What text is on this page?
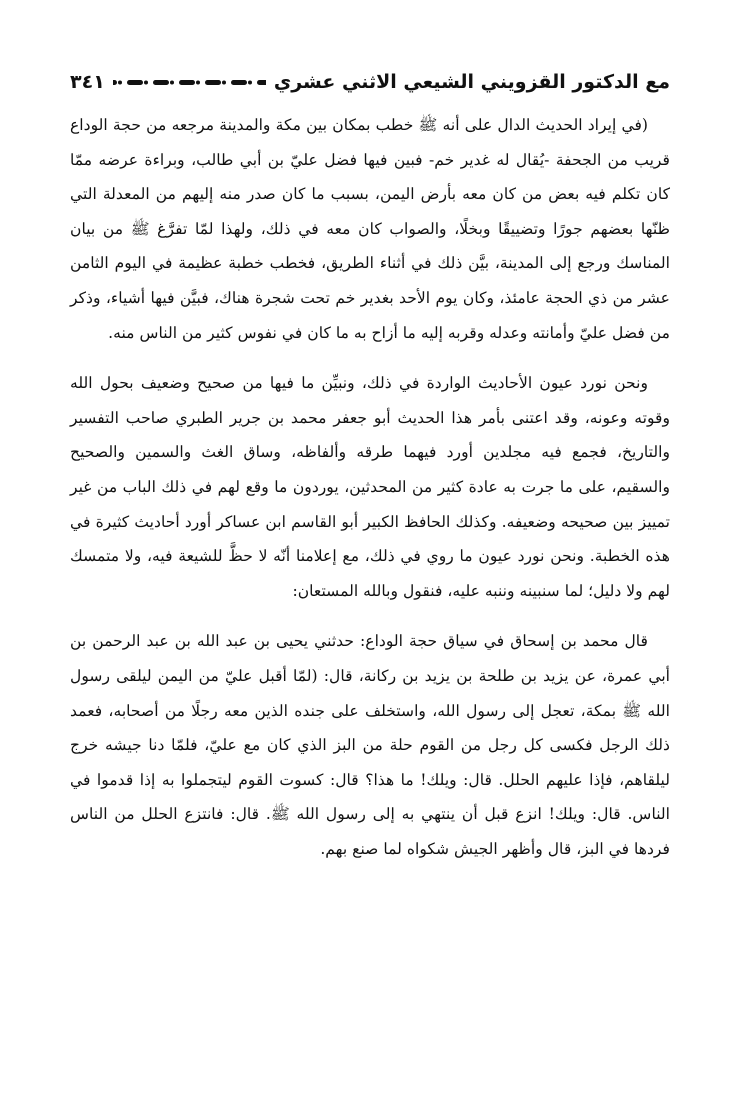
مع الدكتور القزويني الشيعي الاثني عشري
٣٤١

(في إيراد الحديث الدال على أنه ﷺ خطب بمكان بين مكة والمدينة مرجعه من حجة الوداع قريب من الجحفة -يُقال له غدير خم- فبين فيها فضل عليّ بن أبي طالب، وبراءة عرضه ممّا كان تكلم فيه بعض من كان معه بأرض اليمن، بسبب ما كان صدر منه إليهم من المعدلة التي ظنّها بعضهم جورًا وتضييقًا وبخلًا، والصواب كان معه في ذلك، ولهذا لمّا تفرَّغ ﷺ من بيان المناسك ورجع إلى المدينة، بيَّن ذلك في أثناء الطريق، فخطب خطبة عظيمة في اليوم الثامن عشر من ذي الحجة عامئذ، وكان يوم الأحد بغدير خم تحت شجرة هناك، فبيَّن فيها أشياء، وذكر من فضل عليّ وأمانته وعدله وقربه إليه ما أزاح به ما كان في نفوس كثير من الناس منه.

ونحن نورد عيون الأحاديث الواردة في ذلك، ونبيِّن ما فيها من صحيح وضعيف بحول الله وقوته وعونه، وقد اعتنى بأمر هذا الحديث أبو جعفر محمد بن جرير الطبري صاحب التفسير والتاريخ، فجمع فيه مجلدين أورد فيهما طرقه وألفاظه، وساق الغث والسمين والصحيح والسقيم، على ما جرت به عادة كثير من المحدثين، يوردون ما وقع لهم في ذلك الباب من غير تمييز بين صحيحه وضعيفه. وكذلك الحافظ الكبير أبو القاسم ابن عساكر أورد أحاديث كثيرة في هذه الخطبة. ونحن نورد عيون ما روي في ذلك، مع إعلامنا أنّه لا حظَّ للشيعة فيه، ولا متمسك لهم ولا دليل؛ لما سنبينه وننبه عليه، فنقول وبالله المستعان:

قال محمد بن إسحاق في سياق حجة الوداع: حدثني يحيى بن عبد الله بن عبد الرحمن بن أبي عمرة، عن يزيد بن طلحة بن يزيد بن ركانة، قال: (لمّا أقبل عليّ من اليمن ليلقى رسول الله ﷺ بمكة، تعجل إلى رسول الله، واستخلف على جنده الذين معه رجلًا من أصحابه، فعمد ذلك الرجل فكسى كل رجل من القوم حلة من البز الذي كان مع عليّ، فلمّا دنا جيشه خرج ليلقاهم، فإذا عليهم الحلل. قال: ويلك! ما هذا؟ قال: كسوت القوم ليتجملوا به إذا قدموا في الناس. قال: ويلك! انزع قبل أن ينتهي به إلى رسول الله ﷺ. قال: فانتزع الحلل من الناس فردها في البز، قال وأظهر الجيش شكواه لما صنع بهم.
